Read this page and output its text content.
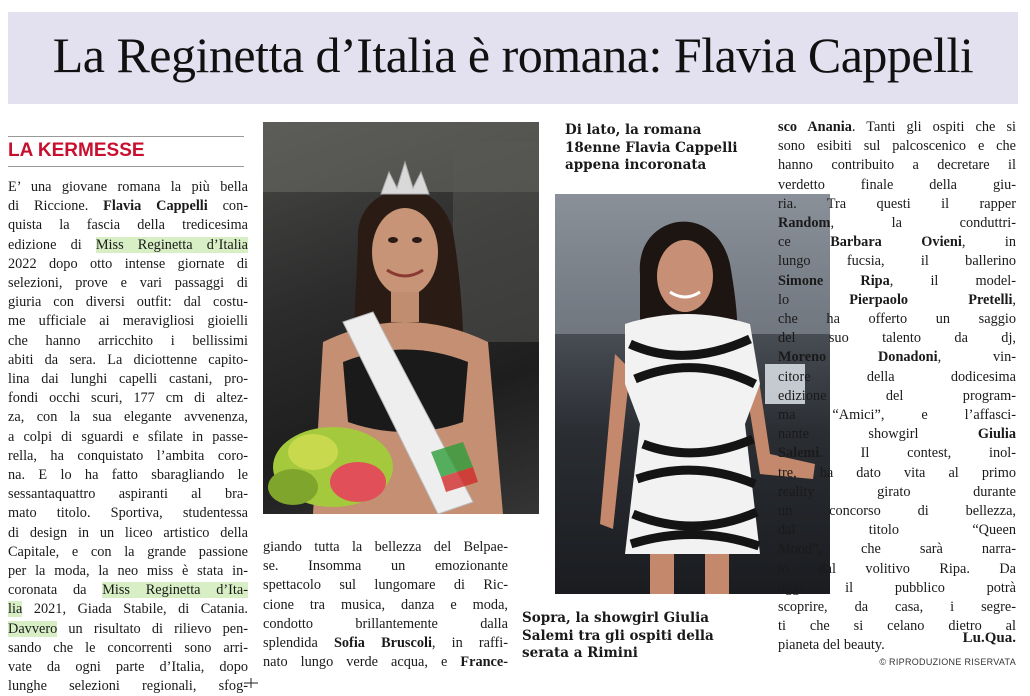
La Reginetta d’Italia è romana: Flavia Cappelli
LA KERMESSE
E’ una giovane romana la più bella
di Riccione. Flavia Cappelli con-
quista la fascia della tredicesima
edizione di Miss Reginetta d’Italia
2022 dopo otto intense giornate di
selezioni, prove e vari passaggi di
giuria con diversi outfit: dal costu-
me ufficiale ai meravigliosi gioielli
che hanno arricchito i bellissimi
abiti da sera. La diciottenne capito-
lina dai lunghi capelli castani, pro-
fondi occhi scuri, 177 cm di altez-
za, con la sua elegante avvenenza,
a colpi di sguardi e sfilate in passe-
rella, ha conquistato l’ambita coro-
na. E lo ha fatto sbaragliando le
sessantaquattro aspiranti al bra-
mato titolo. Sportiva, studentessa
di design in un liceo artistico della
Capitale, e con la grande passione
per la moda, la neo miss è stata in-
coronata da Miss Reginetta d’Ita-
lia 2021, Giada Stabile, di Catania.
Davvero un risultato di rilievo pen-
sando che le concorrenti sono arri-
vate da ogni parte d’Italia, dopo
lunghe selezioni regionali, sfog-
Di lato, la romana
18enne Flavia Cappelli
appena incoronata
giando tutta la bellezza del Belpae-
se. Insomma un emozionante
spettacolo sul lungomare di Ric-
cione tra musica, danza e moda,
condotto brillantemente dalla
splendida Sofia Bruscoli, in raffi-
nato lungo verde acqua, e France-
sco Anania. Tanti gli ospiti che si
sono esibiti sul palcoscenico e che
hanno contribuito a decretare il
verdetto finale della giu-
ria. Tra questi il rapper
Random, la conduttri-
ce Barbara Ovieni, in
lungo fucsia, il ballerino
Simone Ripa, il model-
lo Pierpaolo Pretelli,
che ha offerto un saggio
del suo talento da dj,
Moreno Donadoni, vin-
citore della dodicesima
edizione del program-
ma “Amici”, e l’affasci-
nante showgirl Giulia
Salemi. Il contest, inol-
tre, ha dato vita al primo
reality girato durante
un concorso di bellezza,
dal titolo “Queen
Mood”, che sarà narra-
to dal volitivo Ripa. Da
oggi il pubblico potrà
scoprire, da casa, i segre-
ti che si celano dietro al
pianeta del beauty.
Sopra, la showgirl Giulia
Salemi tra gli ospiti della
serata a Rimini
Lu.Qua.
© RIPRODUZIONE RISERVATA
